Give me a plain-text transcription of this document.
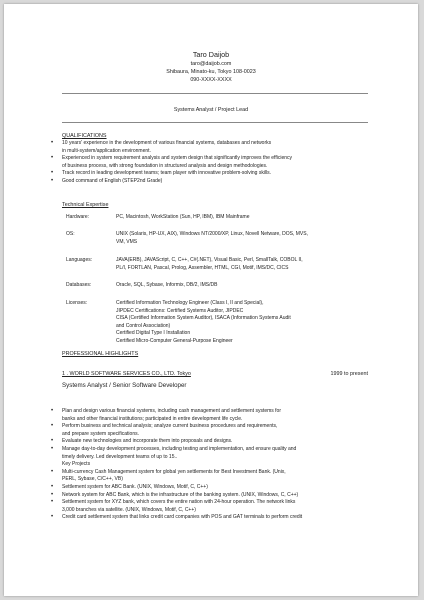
Taro Daijob
taro@daijob.com
Shibaura, Minato-ku, Tokyo 108-0023
090-XXXX-XXXX
Systems Analyst / Project Lead
QUALIFICATIONS
• 10 years' experience in the development of various financial systems, databases and networks
in multi-system/application environment.
• Experienced in system requirement analysis and system design that significantly improves the efficiency
of business process, with strong foundation in structured analysis and design methodologies.
• Track record in leading development teams; team player with innovative problem-solving skills.
• Good command of English (STEP2nd Grade)
Technical Expertise
Hardware:	PC, Macintosh, WorkStation (Sun, HP, IBM), IBM Mainframe
OS:	UNIX (Solaris, HP-UX, AIX), Windows NT/2000/XP, Linux, Novell Netware, DOS, MVS,
VM, VMS
Languages:	JAVA(ERB), JAVAScript, C, C++, C#(.NET), Visual Basic, Perl, SmallTalk, COBOL II,
PL/I, FORTLAN, Pascal, Prolog, Assembler, HTML, CGI, Motif, IMS/DC, CICS
Databases:	Oracle, SQL, Sybase, Informix, DB/2, IMS/DB
Licenses:	Certified Information Technology Engineer (Class I, II and Special),
JIPDEC Certifications: Certified Systems Auditor, JIPDEC
CISA (Certified Information System Auditor), ISACA (Information Systems Audit
and Control Association)
Certified Digital Type I Installation
Certified Micro-Computer General-Purpose Engineer
PROFESSIONAL HIGHLIGHTS
1 . WORLD SOFTWARE SERVICES CO., LTD. Tokyo	1999 to present
Systems Analyst / Senior Software Developer
• Plan and design various financial systems, including cash management and settlement systems for
banks and other financial institutions; participated in entire development life cycle.
• Perform business and technical analysis; analyze current business procedures and requirements,
and prepare system specifications.
• Evaluate new technologies and incorporate them into proposals and designs.
• Manage day-to-day development processes, including testing and implementation, and ensure quality and
timely delivery. Led development teams of up to 15..
Key Projects
• Multi-currency Cash Management system for global yen settlements for Best Investment Bank. (Unix,
PERL, Sybase, C/C++, VB)
• Settlement system for ABC Bank. (UNIX, Windows, Motif, C, C++)
• Network system for ABC Bank, which is the infrastructure of the banking system. (UNIX, Windows, C, C++)
• Settlement system for XYZ bank, which covers the entire nation with 24-hour operation. The network links
3,000 branches via satellite. (UNIX, Windows, Motif, C, C++)
• Credit card settlement system that links credit card companies with POS and GAT terminals to perform credit
